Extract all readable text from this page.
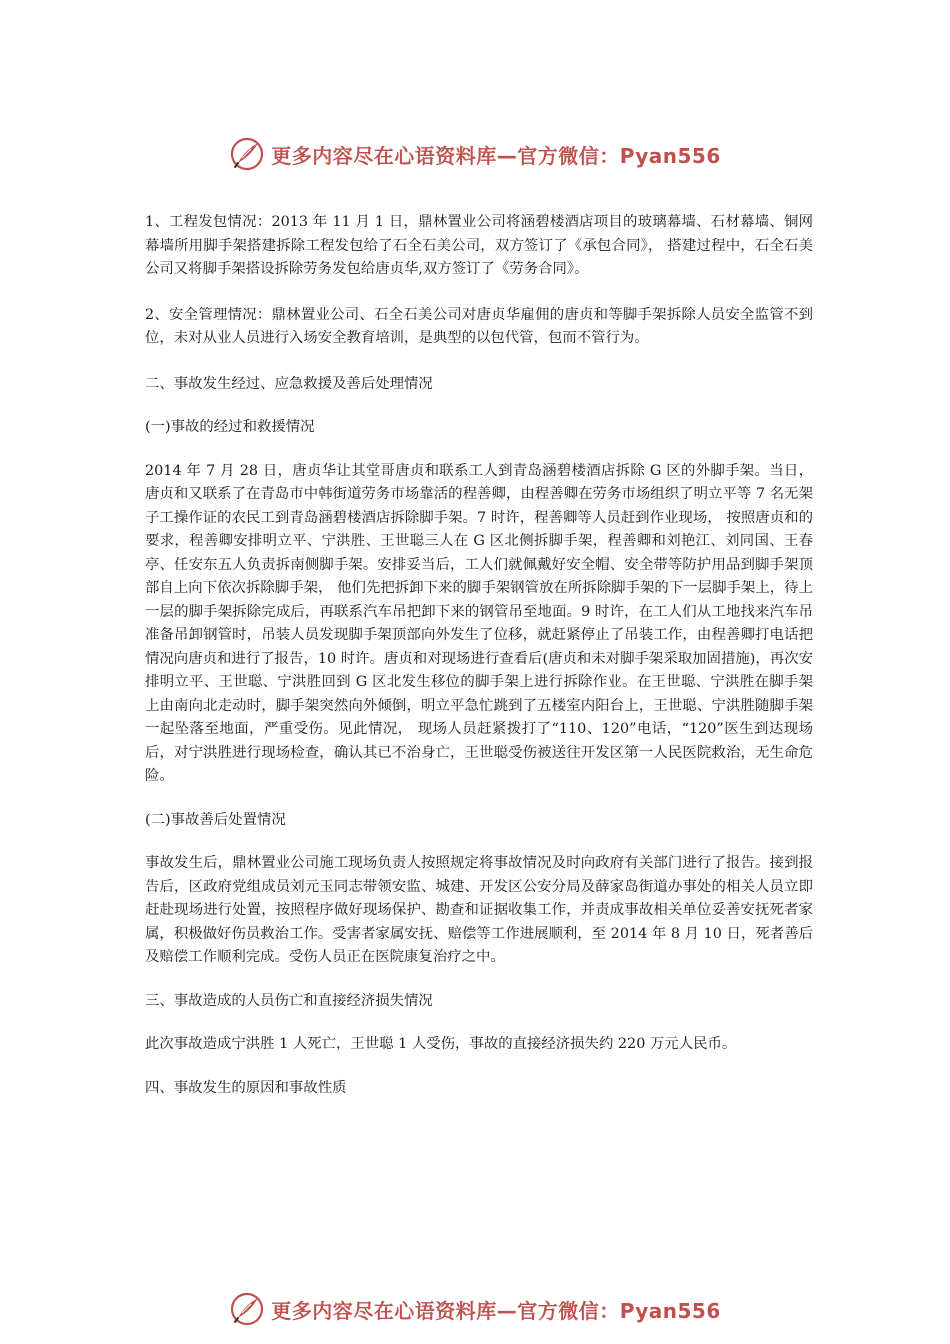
更多内容尽在心语资料库—官方微信：Pyan556

1、工程发包情况：2013 年 11 月 1 日，鼎林置业公司将涵碧楼酒店项目的玻璃幕墙、石材幕墙、铜网幕墙所用脚手架搭建拆除工程发包给了石全石美公司，双方签订了《承包合同》， 搭建过程中，石全石美公司又将脚手架搭设拆除劳务发包给唐贞华,双方签订了《劳务合同》。

2、安全管理情况：鼎林置业公司、石全石美公司对唐贞华雇佣的唐贞和等脚手架拆除人员安全监管不到位，未对从业人员进行入场安全教育培训，是典型的以包代管，包而不管行为。

二、事故发生经过、应急救援及善后处理情况

(一)事故的经过和救援情况

2014 年 7 月 28 日，唐贞华让其堂哥唐贞和联系工人到青岛涵碧楼酒店拆除 G 区的外脚手架。当日，唐贞和又联系了在青岛市中韩街道劳务市场靠活的程善卿，由程善卿在劳务市场组织了明立平等 7 名无架子工操作证的农民工到青岛涵碧楼酒店拆除脚手架。7 时许，程善卿等人员赶到作业现场， 按照唐贞和的要求，程善卿安排明立平、宁洪胜、王世聪三人在 G 区北侧拆脚手架，程善卿和刘艳江、刘同国、王春亭、任安东五人负责拆南侧脚手架。安排妥当后，工人们就佩戴好安全帽、安全带等防护用品到脚手架顶部自上向下依次拆除脚手架， 他们先把拆卸下来的脚手架钢管放在所拆除脚手架的下一层脚手架上，待上一层的脚手架拆除完成后，再联系汽车吊把卸下来的钢管吊至地面。9 时许，在工人们从工地找来汽车吊准备吊卸钢管时，吊装人员发现脚手架顶部向外发生了位移，就赶紧停止了吊装工作，由程善卿打电话把情况向唐贞和进行了报告，10 时许。唐贞和对现场进行查看后(唐贞和未对脚手架采取加固措施)，再次安排明立平、王世聪、宁洪胜回到 G 区北发生移位的脚手架上进行拆除作业。在王世聪、宁洪胜在脚手架上由南向北走动时，脚手架突然向外倾倒，明立平急忙跳到了五楼室内阳台上，王世聪、宁洪胜随脚手架一起坠落至地面，严重受伤。见此情况， 现场人员赶紧拨打了“110、120”电话，“120”医生到达现场后，对宁洪胜进行现场检查，确认其已不治身亡，王世聪受伤被送往开发区第一人民医院救治，无生命危险。

(二)事故善后处置情况

事故发生后，鼎林置业公司施工现场负责人按照规定将事故情况及时向政府有关部门进行了报告。接到报告后，区政府党组成员刘元玉同志带领安监、城建、开发区公安分局及薛家岛街道办事处的相关人员立即赶赴现场进行处置，按照程序做好现场保护、勘查和证据收集工作，并责成事故相关单位妥善安抚死者家属，积极做好伤员救治工作。受害者家属安抚、赔偿等工作进展顺利，至 2014 年 8 月 10 日，死者善后及赔偿工作顺利完成。受伤人员正在医院康复治疗之中。

三、事故造成的人员伤亡和直接经济损失情况

此次事故造成宁洪胜 1 人死亡，王世聪 1 人受伤，事故的直接经济损失约 220 万元人民币。

四、事故发生的原因和事故性质

更多内容尽在心语资料库—官方微信：Pyan556
